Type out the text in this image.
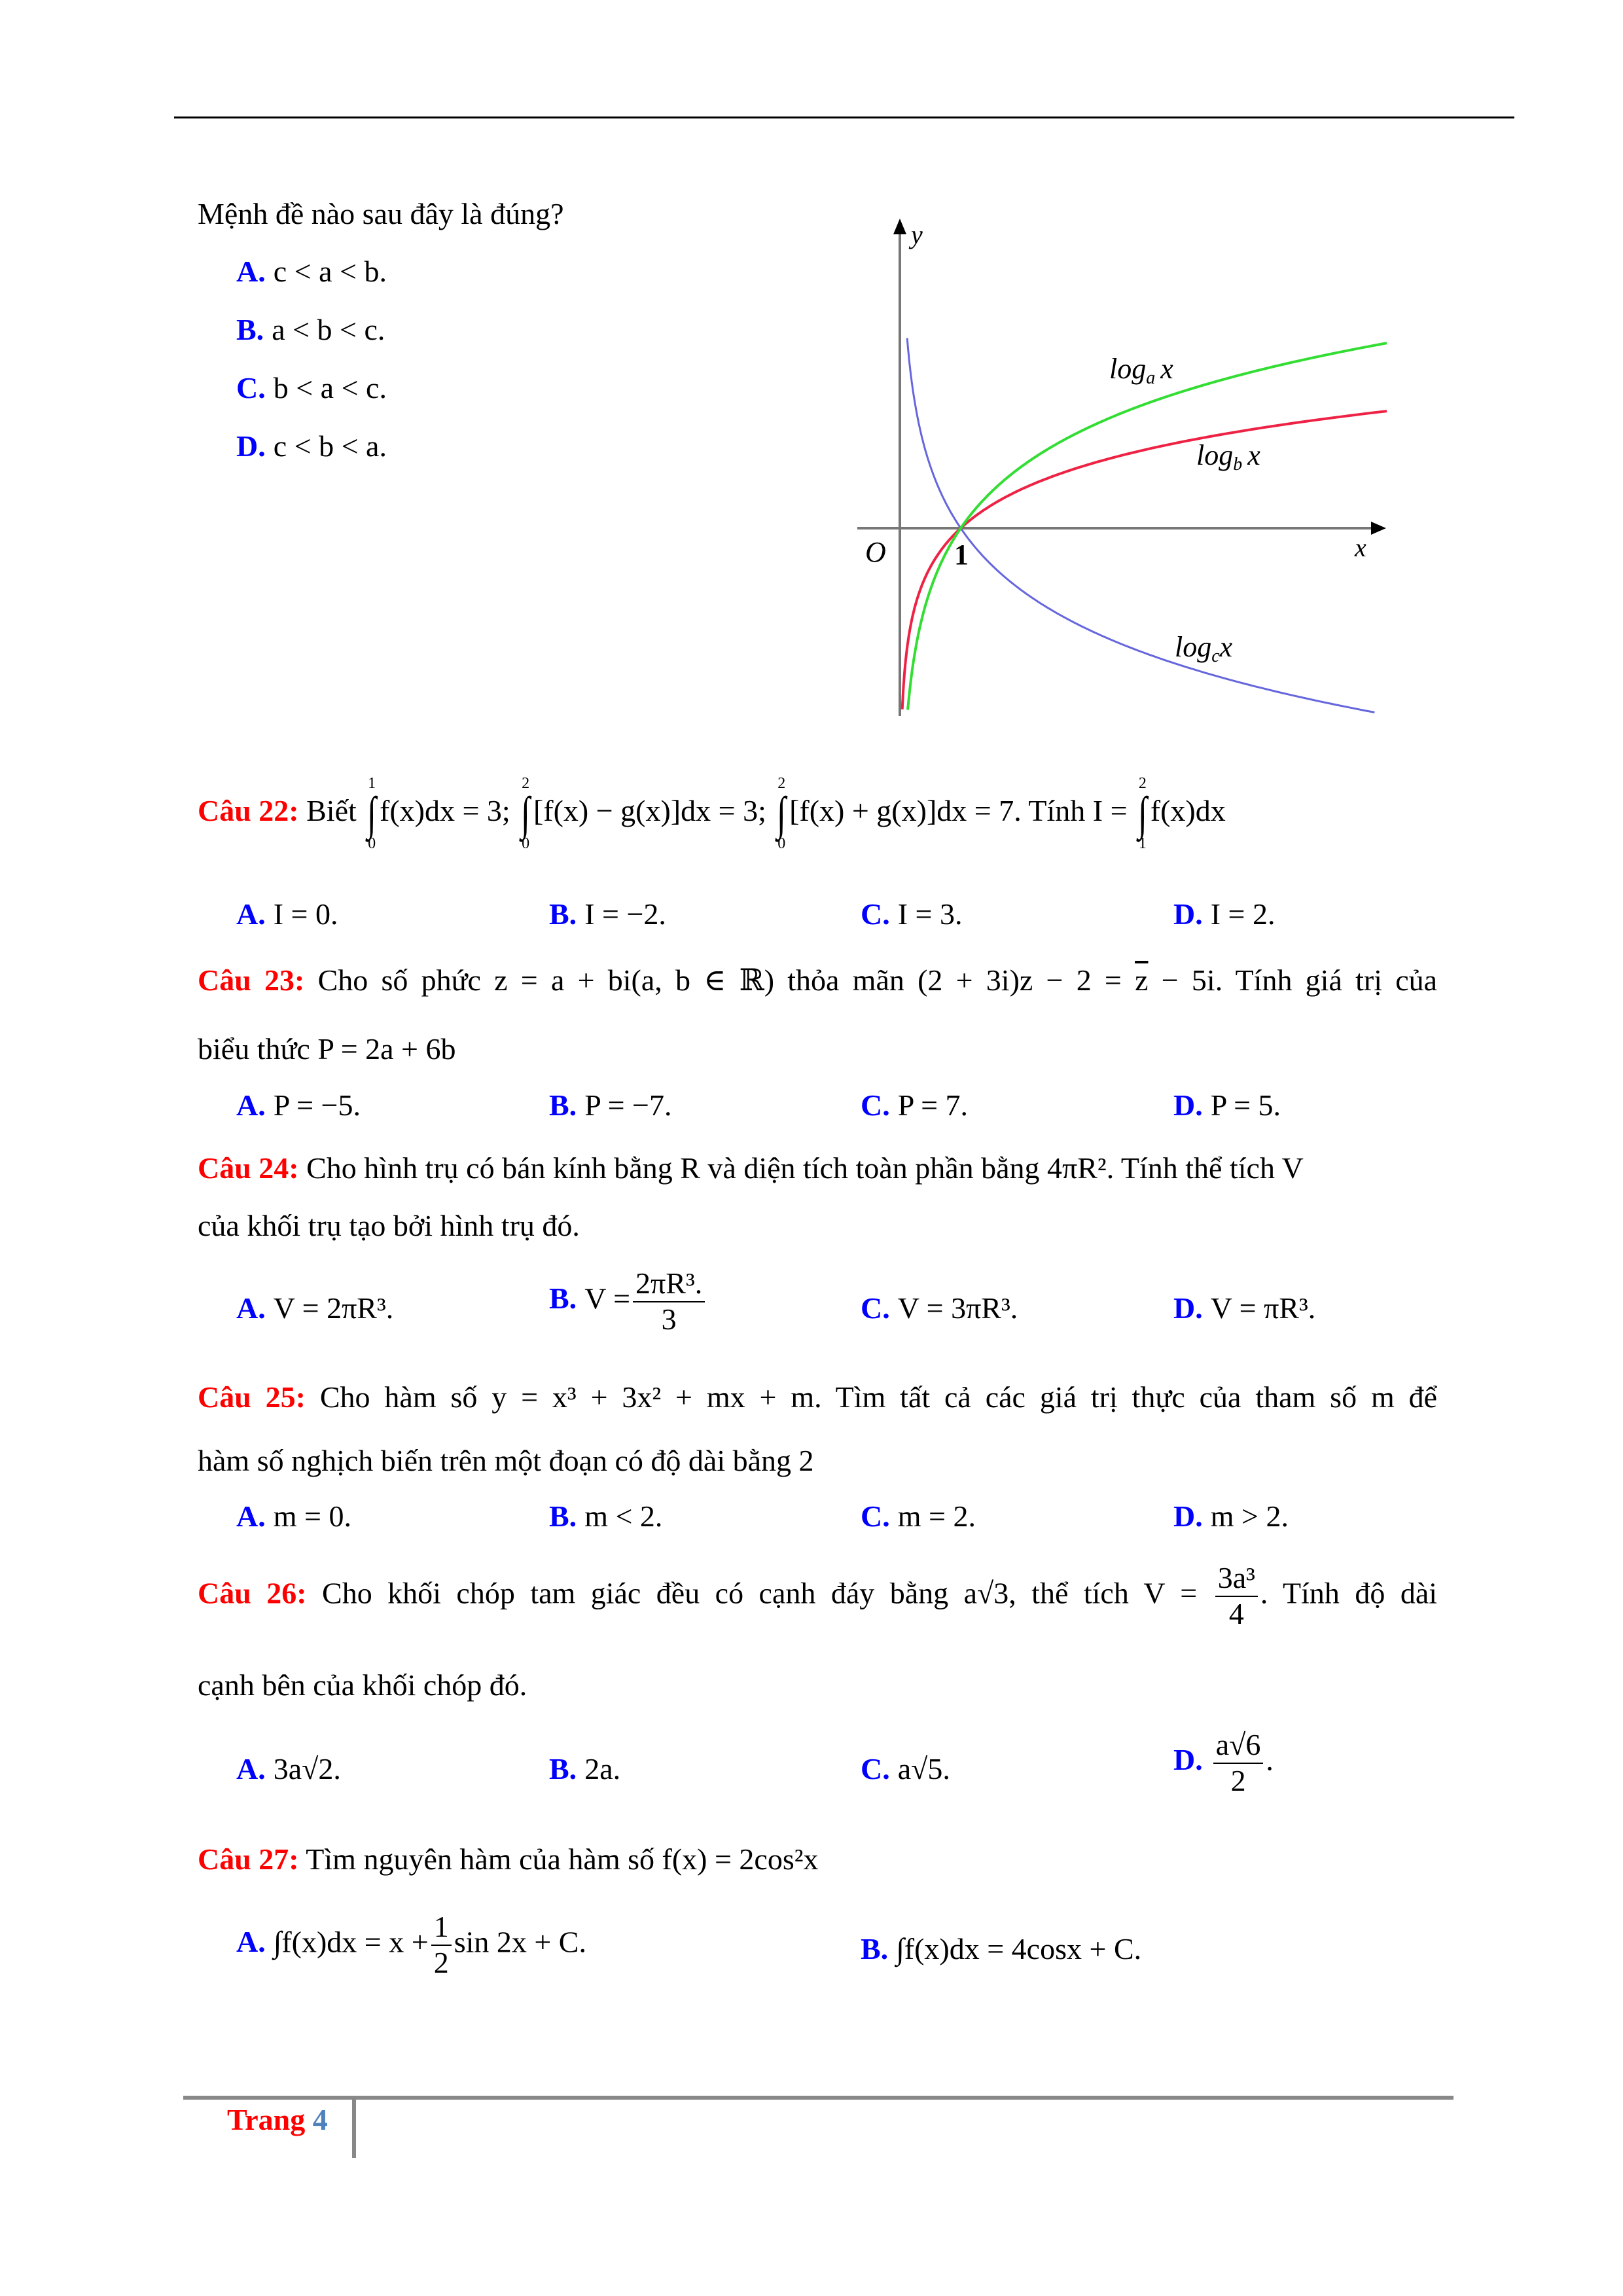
Mệnh đề nào sau đây là đúng?
A. c < a < b.
B. a < b < c.
C. b < a < c.
D. c < b < a.
y
x
O 1
loga x
logb x
logcx
Câu 22: Biết
1
∫
0
f(x)dx = 3;
2
∫
0
[f(x) − g(x)]dx = 3;
2
∫
0
[f(x) + g(x)]dx = 7. Tính I =
2
∫
1
f(x)dx
A. I = 0.	B. I = −2.	C. I = 3.	D. I = 2.
Câu 23: Cho số phức z = a + bi(a, b ∈ ℝ) thỏa mãn $(2 + 3i)z - 2 = \overline{z} - 5i$. Tính giá trị của
biểu thức P = 2a + 6b
A. P = −5.	B. P = −7.	C. P = 7.	D. P = 5.
Câu 24: Cho hình trụ có bán kính bằng R và diện tích toàn phần bằng 4πR². Tính thể tích V
của khối trụ tạo bởi hình trụ đó.
A. V = 2πR³.	B. $V = \frac{\text{2πR³.}}{3}$	C. V = 3πR³.	D. V = πR³.
Câu 25: Cho hàm số y = x³ + 3x² + mx + m. Tìm tất cả các giá trị thực của tham số m để
hàm số nghịch biến trên một đoạn có độ dài bằng 2
A. m = 0.	B. m < 2.	C. m = 2.	D. m > 2.
Câu 26: Cho khối chóp tam giác đều có cạnh đáy bằng a√3, thể tích $V = \frac{\text{3a³}}{4}$ . Tính độ dài
cạnh bên của khối chóp đó.
A. 3a√2.	B. 2a.	C. a√5.	D. $\frac{a√6}{2}$ .
Câu 27: Tìm nguyên hàm của hàm số f(x) = 2cos²x
A. $\int f(x)dx = x + \frac{1}{2}$ sin 2x + C.	B. ∫f(x)dx = 4cosx + C.
Trang 4
